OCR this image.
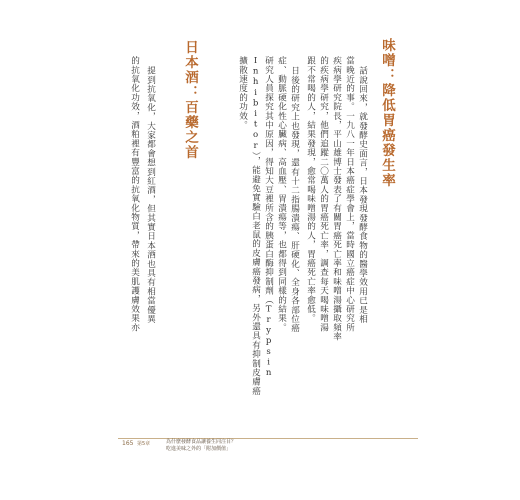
味噌：降低胃癌發生率
話說回來，就發酵史面言，日本發現發酵食物的醫學效用已是相
當晚近的事。一九八一年日本癌症學會上，當時國立癌症中心研究所
疾病學研究院長，平山雄博士發表了有關胃癌死亡率和味噌湯攝取頻率
的疾病學研究，他們追蹤二〇萬人的胃癌死亡率，調查每天喝味噌湯
跟不常喝的人，結果發現，愈常喝味噌湯的人，胃癌死亡率愈低。
日後的研究上也發現，還有十二指腸潰瘍、肝硬化、全身各部位癌
症、動脈硬化性心臟病、高血壓、胃潰瘍等，也都得到同樣的結果。
研究人員探究其中原因，得知大豆裡所含的胰蛋白酶抑制劑（Trypsin
Inhibitor），能避免實驗白老鼠的皮膚癌發病，另外還具有抑制皮膚癌
擴散速度的功效。
日本酒：百藥之首
提到抗氧化，大家都會想到紅酒，但其實日本酒也具有相當優異
的抗氧化功效，酒粕裡有豐富的抗氧化物質，帶來的美肌護膚效果亦
165 第5章	為什麼發酵食品讓養生同注目？
吃進美味之外的「附加價值」
